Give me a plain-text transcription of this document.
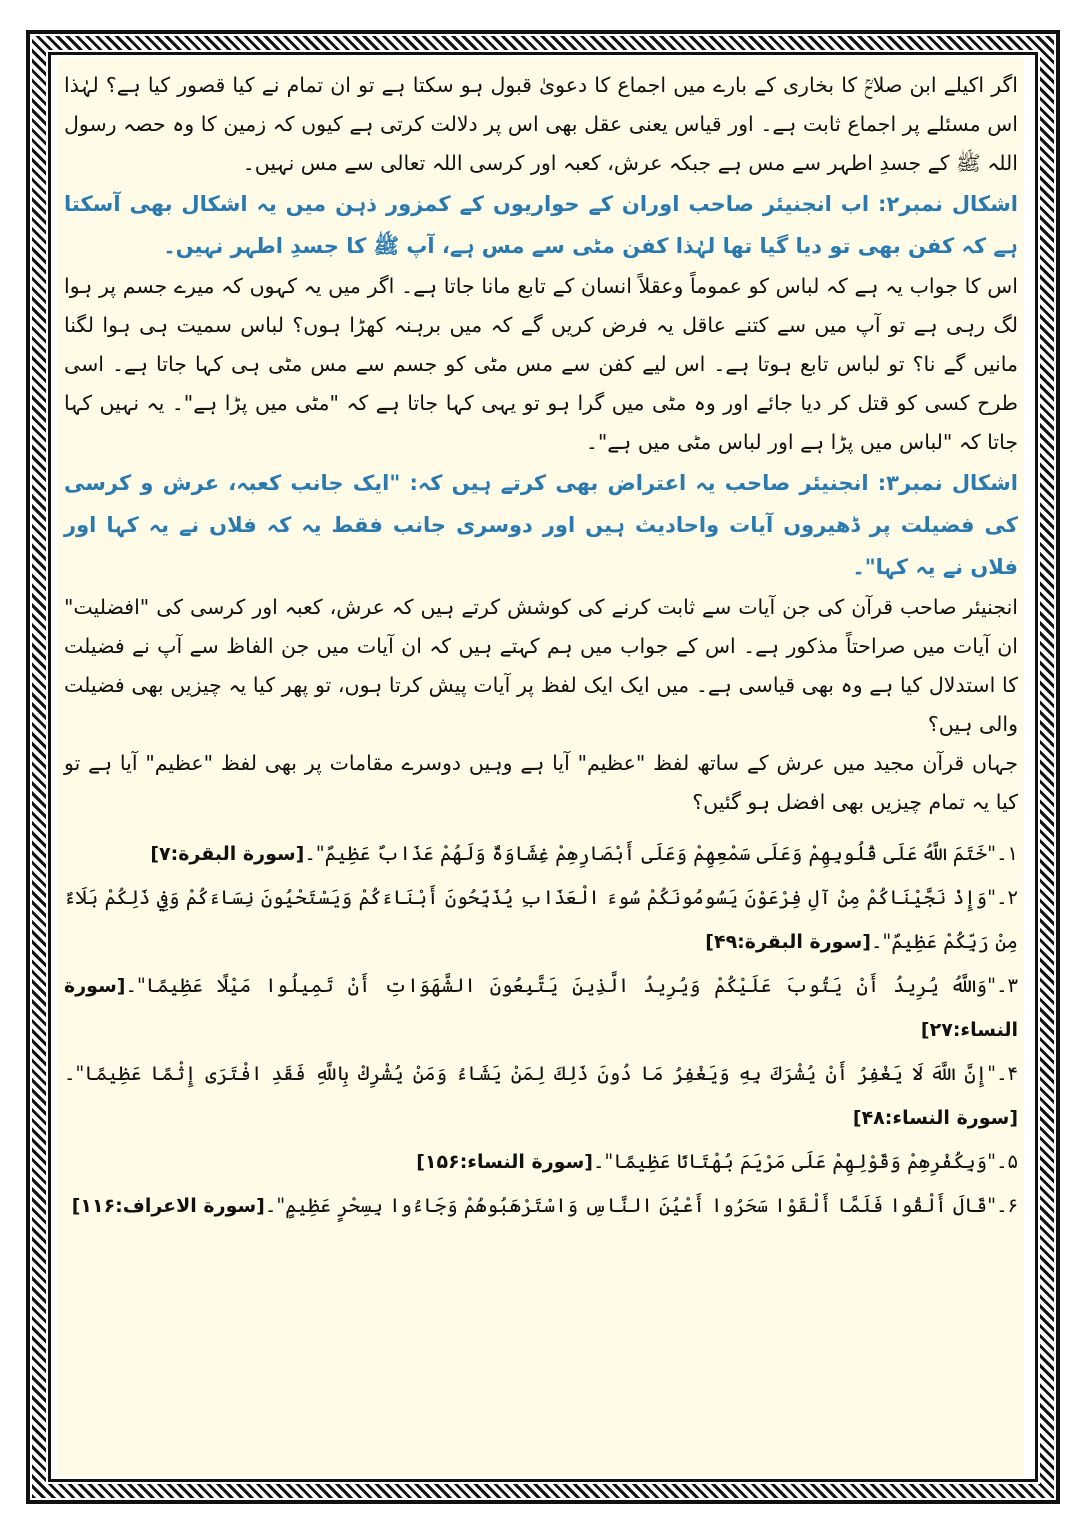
اگر اکیلے ابن صلاحؒ کا بخاری کے بارے میں اجماع کا دعویٰ قبول ہو سکتا ہے تو ان تمام نے کیا قصور کیا ہے؟ لہٰذا اس مسئلے پر اجماع ثابت ہے۔ اور قیاس یعنی عقل بھی اس پر دلالت کرتی ہے کیوں کہ زمین کا وہ حصہ رسول اللہ ﷺ کے جسدِ اطہر سے مس ہے جبکہ عرش، کعبہ اور کرسی اللہ تعالی سے مس نہیں۔

اشکال نمبر۲: اب انجنیئر صاحب اوران کے حواریوں کے کمزور ذہن میں یہ اشکال بھی آسکتا ہے کہ کفن بھی تو دیا گیا تھا لہٰذا کفن مٹی سے مس ہے، آپ ﷺ کا جسدِ اطہر نہیں۔

اس کا جواب یہ ہے کہ لباس کو عموماً وعقلاً انسان کے تابع مانا جاتا ہے۔ اگر میں یہ کہوں کہ میرے جسم پر ہوا لگ رہی ہے تو آپ میں سے کتنے عاقل یہ فرض کریں گے کہ میں برہنہ کھڑا ہوں؟ لباس سمیت ہی ہوا لگنا مانیں گے نا؟ تو لباس تابع ہوتا ہے۔ اس لیے کفن سے مس مٹی کو جسم سے مس مٹی ہی کہا جاتا ہے۔ اسی طرح کسی کو قتل کر دیا جائے اور وہ مٹی میں گرا ہو تو یہی کہا جاتا ہے کہ "مٹی میں پڑا ہے"۔ یہ نہیں کہا جاتا کہ "لباس میں پڑا ہے اور لباس مٹی میں ہے"۔

اشکال نمبر۳: انجنیئر صاحب یہ اعتراض بھی کرتے ہیں کہ: "ایک جانب کعبہ، عرش و کرسی کی فضیلت پر ڈھیروں آیات واحادیث ہیں اور دوسری جانب فقط یہ کہ فلاں نے یہ کہا اور فلاں نے یہ کہا"۔

انجنیئر صاحب قرآن کی جن آیات سے ثابت کرنے کی کوشش کرتے ہیں کہ عرش، کعبہ اور کرسی کی "افضلیت" ان آیات میں صراحتاً مذکور ہے۔ اس کے جواب میں ہم کہتے ہیں کہ ان آیات میں جن الفاظ سے آپ نے فضیلت کا استدلال کیا ہے وہ بھی قیاسی ہے۔ میں ایک ایک لفظ پر آیات پیش کرتا ہوں، تو پھر کیا یہ چیزیں بھی فضیلت والی ہیں؟

جہاں قرآن مجید میں عرش کے ساتھ لفظ "عظیم" آیا ہے وہیں دوسرے مقامات پر بھی لفظ "عظیم" آیا ہے تو کیا یہ تمام چیزیں بھی افضل ہو گئیں؟

۱۔"خَتَمَ اللَّهُ عَلَى قُلُوبِهِمْ وَعَلَى سَمْعِهِمْ وَعَلَى أَبْصَارِهِمْ غِشَاوَةٌ وَلَهُمْ عَذَابٌ عَظِيمٌ"۔[سورة البقرة:۷]

۲۔"وَإِذْ نَجَّيْنَاكُمْ مِنْ آلِ فِرْعَوْنَ يَسُومُونَكُمْ سُوءَ الْعَذَابِ يُذَبِّحُونَ أَبْنَاءَكُمْ وَيَسْتَحْيُونَ نِسَاءَكُمْ وَفِي ذَلِكُمْ بَلَاءٌ مِنْ رَبِّكُمْ عَظِيمٌ"۔[سورة البقرة:۴۹]

۳۔"وَاللَّهُ يُرِيدُ أَنْ يَتُوبَ عَلَيْكُمْ وَيُرِيدُ الَّذِينَ يَتَّبِعُونَ الشَّهَوَاتِ أَنْ تَمِيلُوا مَيْلًا عَظِيمًا"۔[سورة النساء:۲۷]

۴۔"إِنَّ اللَّهَ لَا يَغْفِرُ أَنْ يُشْرَكَ بِهِ وَيَغْفِرُ مَا دُونَ ذَلِكَ لِمَنْ يَشَاءُ وَمَنْ يُشْرِكْ بِاللَّهِ فَقَدِ افْتَرَى إِثْمًا عَظِيمًا"۔[سورة النساء:۴۸]

۵۔"وَبِكُفْرِهِمْ وَقَوْلِهِمْ عَلَى مَرْيَمَ بُهْتَانًا عَظِيمًا"۔[سورة النساء:۱۵۶]

۶۔"قَالَ أَلْقُوا فَلَمَّا أَلْقَوْا سَحَرُوا أَعْيُنَ النَّاسِ وَاسْتَرْهَبُوهُمْ وَجَاءُوا بِسِحْرٍ عَظِيمٍ"۔[سورة الاعراف:۱۱۶]
